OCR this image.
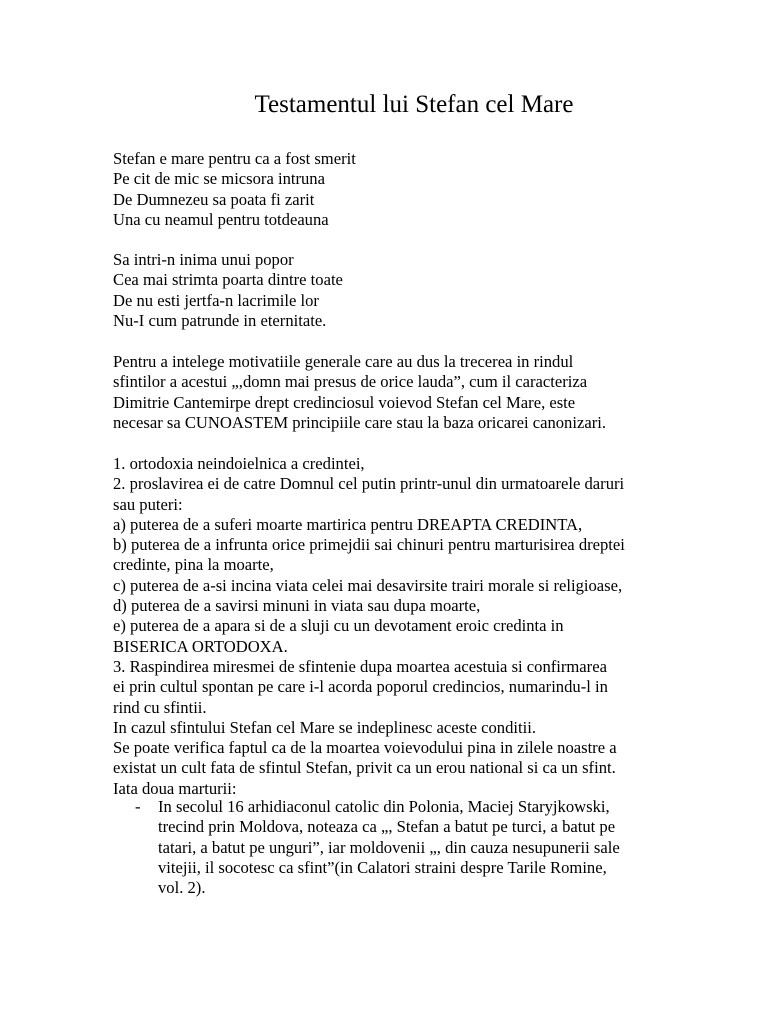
Testamentul lui Stefan cel Mare
Stefan e mare pentru ca a fost smerit
Pe cit de mic se micsora intruna
De Dumnezeu sa poata fi zarit
Una cu neamul pentru totdeauna
Sa intri-n inima unui popor
Cea mai strimta poarta dintre toate
De nu esti jertfa-n lacrimile lor
Nu-I cum patrunde in eternitate.
Pentru a intelege motivatiile generale care au dus la trecerea in rindul
sfintilor a acestui „,domn mai presus de orice lauda”, cum il caracteriza
Dimitrie Cantemirpe drept credinciosul voievod Stefan cel Mare, este
necesar sa CUNOASTEM principiile care stau la baza oricarei canonizari.
1. ortodoxia neindoielnica a credintei,
2. proslavirea ei de catre Domnul cel putin printr-unul din urmatoarele daruri
sau puteri:
a) puterea de a suferi moarte martirica pentru DREAPTA CREDINTA,
b) puterea de a infrunta orice primejdii sai chinuri pentru marturisirea dreptei
credinte, pina la moarte,
c) puterea de a-si incina viata celei mai desavirsite trairi morale si religioase,
d) puterea de a savirsi minuni in viata sau dupa moarte,
e) puterea de a apara si de a sluji cu un devotament eroic credinta in
BISERICA ORTODOXA.
3. Raspindirea miresmei de sfintenie dupa moartea acestuia si confirmarea
ei prin cultul spontan pe care i-l acorda poporul credincios, numarindu-l in
rind cu sfintii.
In cazul sfintului Stefan cel Mare se indeplinesc aceste conditii.
Se poate verifica faptul ca de la moartea voievodului pina in zilele noastre a
existat un cult fata de sfintul Stefan, privit ca un erou national si ca un sfint.
Iata doua marturii:
- In secolul 16 arhidiaconul catolic din Polonia, Maciej Staryjkowski,
trecind prin Moldova, noteaza ca „, Stefan a batut pe turci, a batut pe
tatari, a batut pe unguri”, iar moldovenii „, din cauza nesupunerii sale
vitejii, il socotesc ca sfint”(in Calatori straini despre Tarile Romine,
vol. 2).
